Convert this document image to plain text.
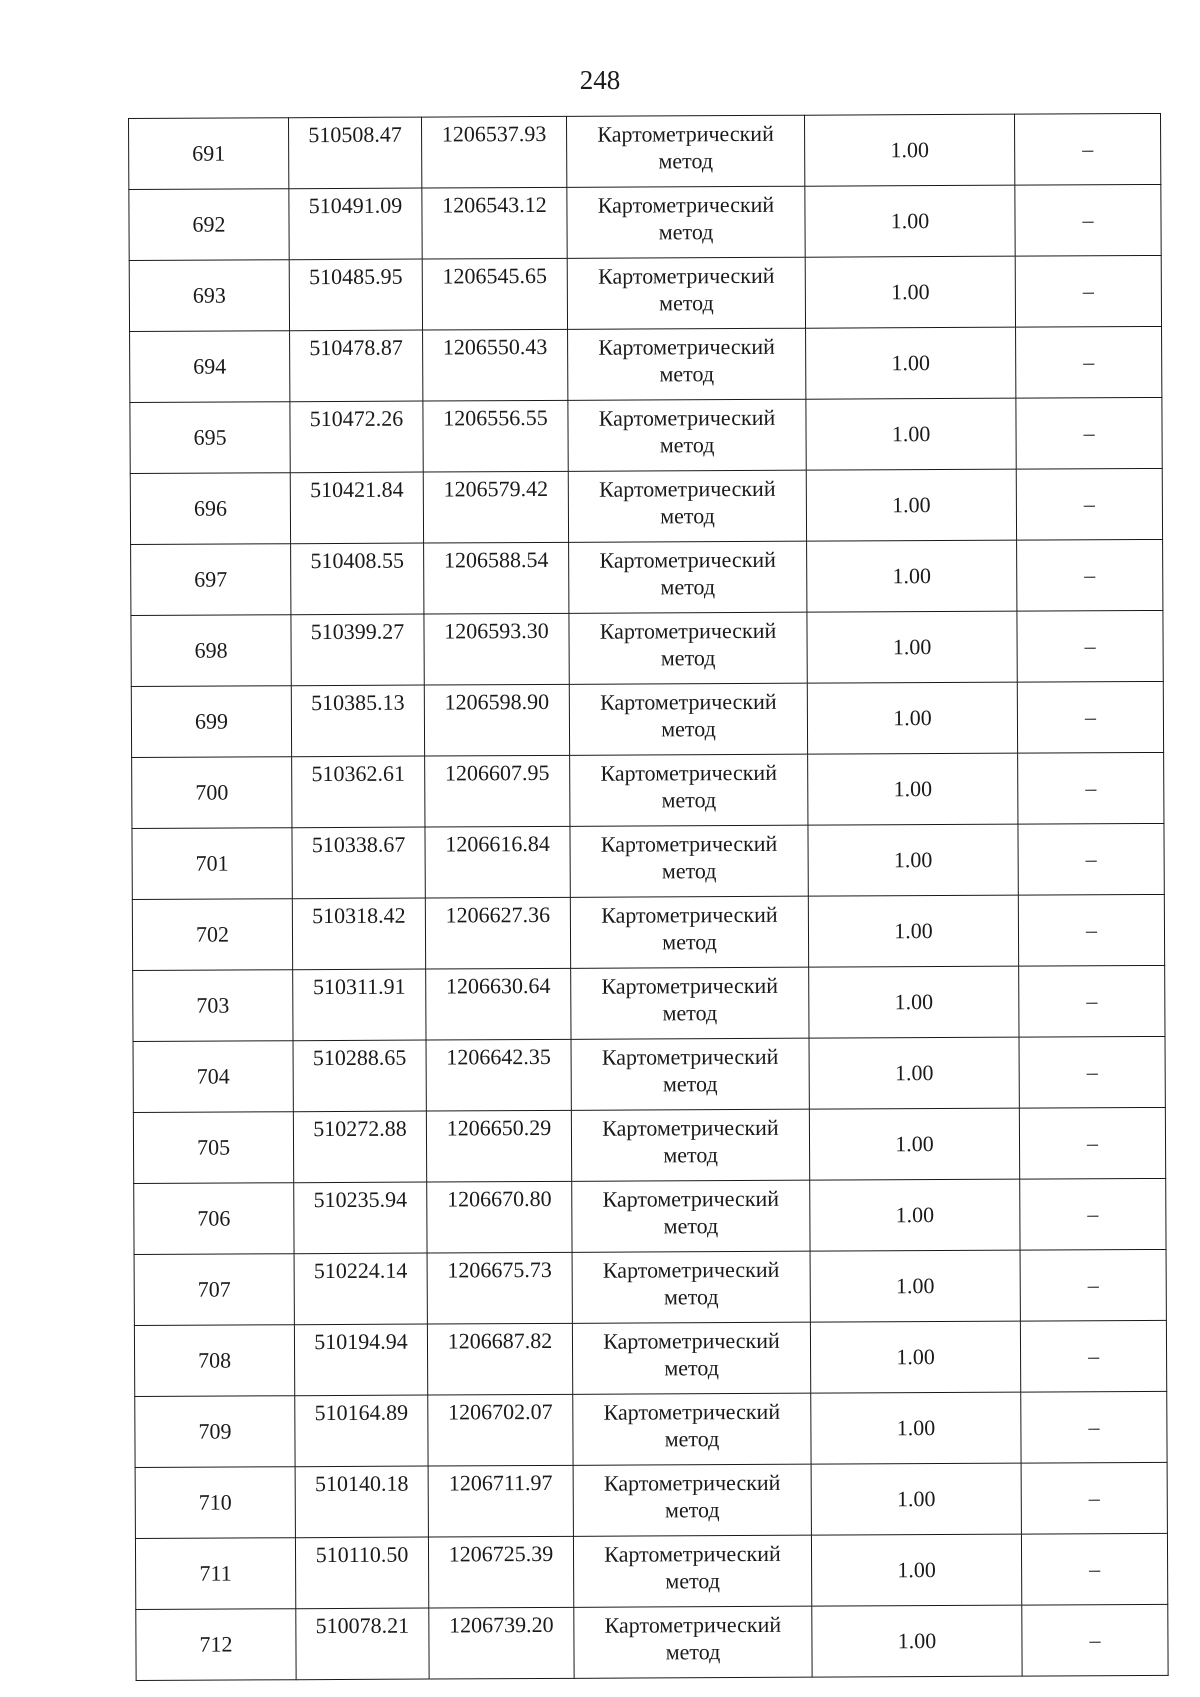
248
691	510508.47	1206537.93	Картометрический
метод	1.00	–
692	510491.09	1206543.12	Картометрический
метод	1.00	–
693	510485.95	1206545.65	Картометрический
метод	1.00	–
694	510478.87	1206550.43	Картометрический
метод	1.00	–
695	510472.26	1206556.55	Картометрический
метод	1.00	–
696	510421.84	1206579.42	Картометрический
метод	1.00	–
697	510408.55	1206588.54	Картометрический
метод	1.00	–
698	510399.27	1206593.30	Картометрический
метод	1.00	–
699	510385.13	1206598.90	Картометрический
метод	1.00	–
700	510362.61	1206607.95	Картометрический
метод	1.00	–
701	510338.67	1206616.84	Картометрический
метод	1.00	–
702	510318.42	1206627.36	Картометрический
метод	1.00	–
703	510311.91	1206630.64	Картометрический
метод	1.00	–
704	510288.65	1206642.35	Картометрический
метод	1.00	–
705	510272.88	1206650.29	Картометрический
метод	1.00	–
706	510235.94	1206670.80	Картометрический
метод	1.00	–
707	510224.14	1206675.73	Картометрический
метод	1.00	–
708	510194.94	1206687.82	Картометрический
метод	1.00	–
709	510164.89	1206702.07	Картометрический
метод	1.00	–
710	510140.18	1206711.97	Картометрический
метод	1.00	–
711	510110.50	1206725.39	Картометрический
метод	1.00	–
712	510078.21	1206739.20	Картометрический
метод	1.00	–
